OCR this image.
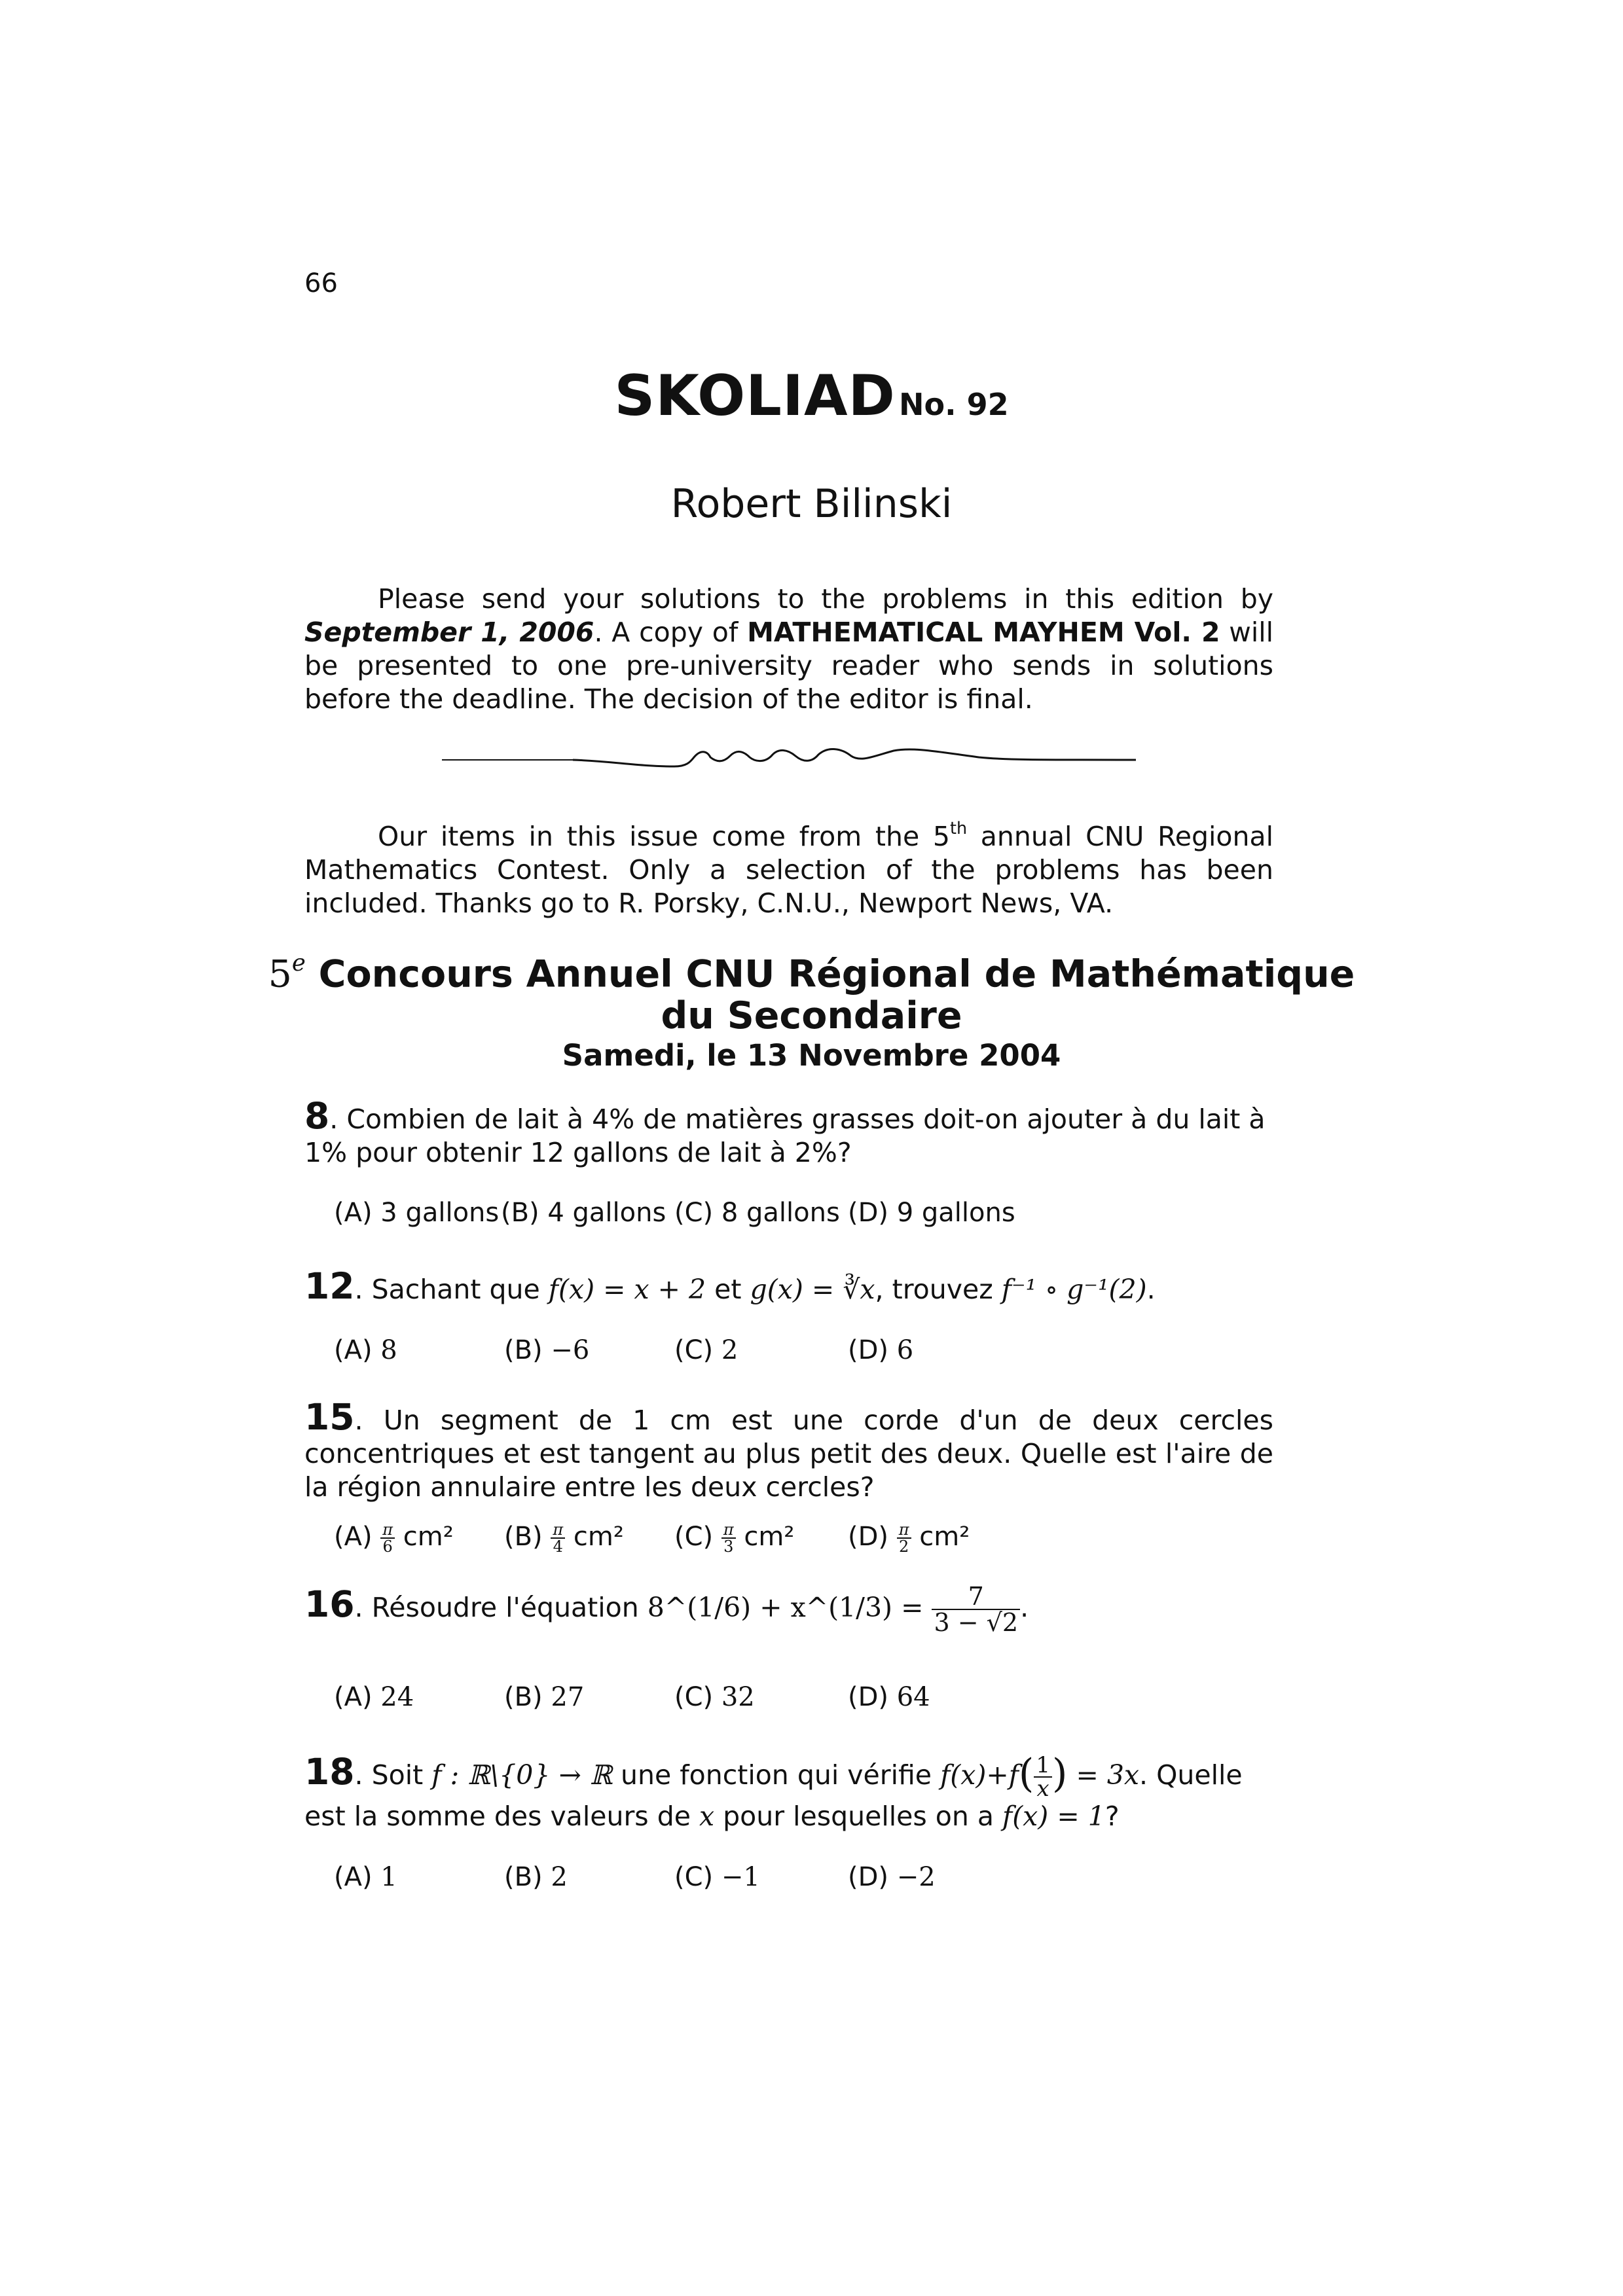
66
SKOLIAD No. 92
Robert Bilinski

Please send your solutions to the problems in this edition by September 1, 2006. A copy of MATHEMATICAL MAYHEM Vol. 2 will be presented to one pre-university reader who sends in solutions before the deadline. The decision of the editor is final.

Our items in this issue come from the 5th annual CNU Regional Mathematics Contest. Only a selection of the problems has been included. Thanks go to R. Porsky, C.N.U., Newport News, VA.

5e Concours Annuel CNU Régional de Mathématique
du Secondaire
Samedi, le 13 Novembre 2004
8. Combien de lait à 4% de matières grasses doit-on ajouter à du lait à 1% pour obtenir 12 gallons de lait à 2%?
(A) 3 gallons (B) 4 gallons (C) 8 gallons (D) 9 gallons
12. Sachant que f(x) = x + 2 et g(x) = ∛x, trouvez f⁻¹ ∘ g⁻¹(2).
(A) 8	(B) −6	(C) 2	(D) 6
15. Un segment de 1 cm est une corde d'un de deux cercles concentriques et est tangent au plus petit des deux. Quelle est l'aire de la région annulaire entre les deux cercles?
$(A) \frac{\pi}{6} cm^2$ $(B) \frac{\pi}{4} cm^2$ $(C) \frac{\pi}{3} cm^2$ $(D) \frac{\pi}{2} cm^2$
16. Résoudre l'équation 8^(1/6) + x^(1/3) = $\frac{7}{3 - √2}$ .
(A) 24	(B) 27	(C) 32	(D) 64
18. Soit f : ℝ\{0} → ℝ une fonction qui vérifie $f(x)+f( \frac{1}{x}$ ) = 3x. Quelle est la somme des valeurs de x pour lesquelles on a f(x) = 1?
(A) 1	(B) 2	(C) −1	(D) −2
